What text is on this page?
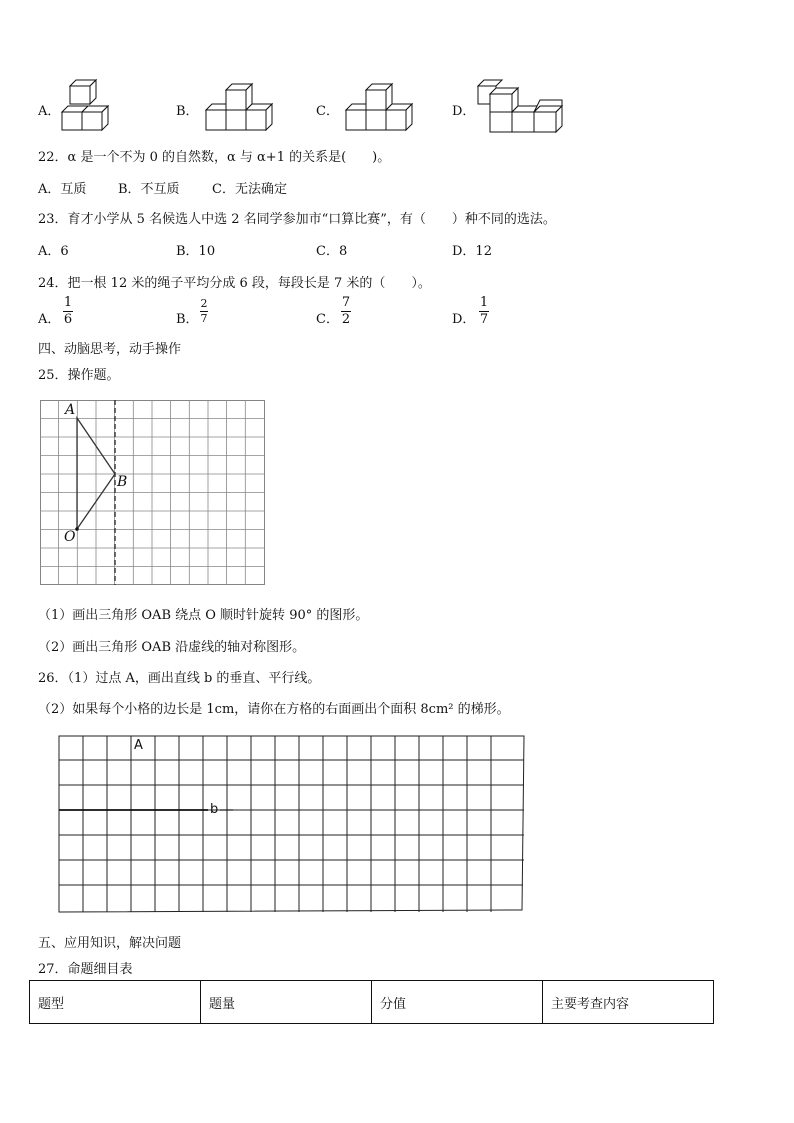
A．	B．	C．	D．
22．α 是一个不为 0 的自然数，α 与 α+1 的关系是(　　)。
A．互质 B．不互质 C．无法确定
23．育才小学从 5 名候选人中选 2 名同学参加市“口算比赛”，有（　　）种不同的选法。
A．6	B．10	C．8	D．12
24．把一根 12 米的绳子平均分成 6 段，每段长是 7 米的（　　）。
A．
1
6	B．
2
7	C．
7
2	D．
1
7
四、动脑思考，动手操作
25．操作题。
A
B
O
（1）画出三角形 OAB 绕点 O 顺时针旋转 90° 的图形。
（2）画出三角形 OAB 沿虚线的轴对称图形。
26．（1）过点 A，画出直线 b 的垂直、平行线。
（2）如果每个小格的边长是 1cm，请你在方格的右面画出个面积 8cm² 的梯形。
A
b
五、应用知识，解决问题
27．命题细目表
题型	题量	分值	主要考查内容
